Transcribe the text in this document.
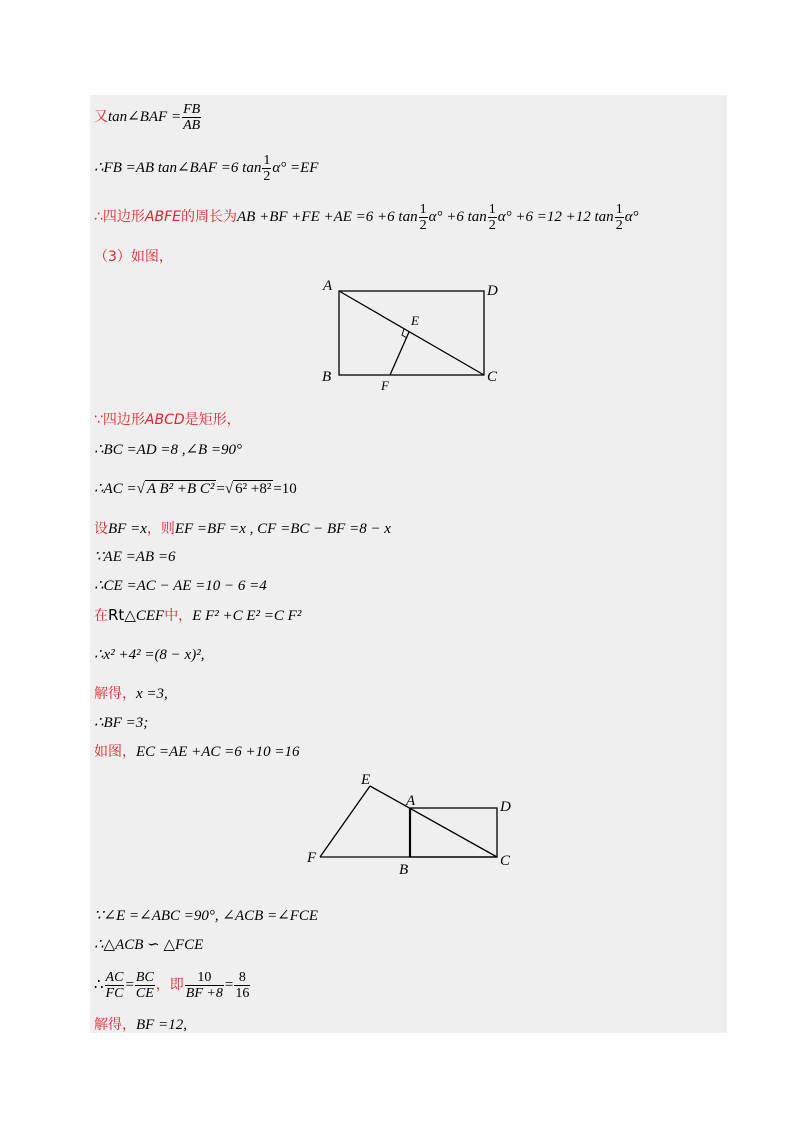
又tan∠BAF = $\frac{FB}{AB}$
∴FB =AB tan∠BAF =6 $\tan \frac{1}{2} \alpha^\circ =EF$
∴四边形ABFE的周长为AB +BF +FE +AE =6 +6 $\tan \frac{1}{2} \alpha^\circ +6$ $\tan \frac{1}{2} \alpha^\circ +6 =12 +12$ $\tan \frac{1}{2} \alpha^\circ$
（3）如图，
A	D
E
B
F
C
∵四边形ABCD是矩形，
∴BC =AD =8 ,∠B =90°
∴AC =√ A B² +B C² =√ 6² +8² =10
设BF =x，则EF =BF =x , CF =BC − BF =8 − x
∵AE =AB =6
∴CE =AC − AE =10 − 6 =4
在Rt△CEF中，E F² +C E² =C F²
∴x² +4² =(8 − x)²,
解得，x =3,
∴BF =3;
如图，EC =AE +AC =6 +10 =16
E
A	D
F
B
C
∵∠E =∠ABC =90°, ∠ACB =∠FCE
∴△ACB ∽ △FCE
∴ $\frac{AC}{FC} = \frac{BC}{CE}$ ，即 $\frac{10}{BF +8} = \frac{8}{16}$
解得，BF =12,
